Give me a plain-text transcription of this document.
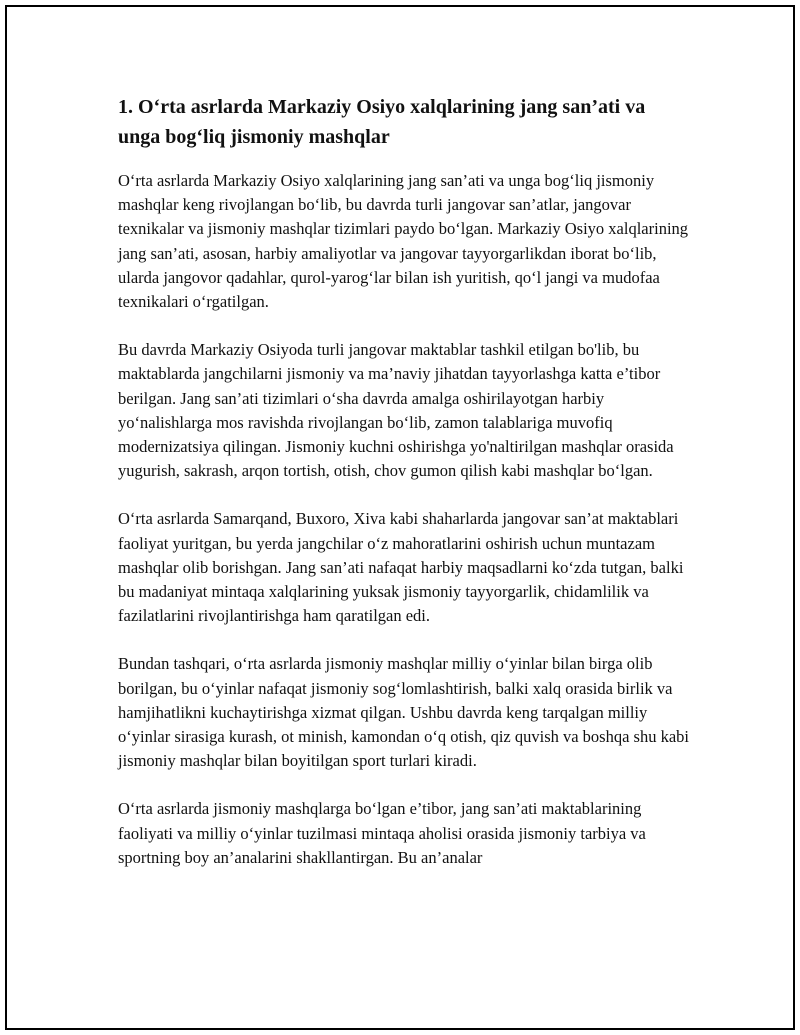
1. O‘rta asrlarda Markaziy Osiyo xalqlarining jang san’ati va unga bog‘liq jismoniy mashqlar

O‘rta asrlarda Markaziy Osiyo xalqlarining jang san’ati va unga bog‘liq jismoniy mashqlar keng rivojlangan bo‘lib, bu davrda turli jangovar san’atlar, jangovar texnikalar va jismoniy mashqlar tizimlari paydo bo‘lgan. Markaziy Osiyo xalqlarining jang san’ati, asosan, harbiy amaliyotlar va jangovar tayyorgarlikdan iborat bo‘lib, ularda jangovor qadahlar, qurol-yarog‘lar bilan ish yuritish, qo‘l jangi va mudofaa texnikalari o‘rgatilgan.

Bu davrda Markaziy Osiyoda turli jangovar maktablar tashkil etilgan bo'lib, bu maktablarda jangchilarni jismoniy va ma’naviy jihatdan tayyorlashga katta e’tibor berilgan. Jang san’ati tizimlari o‘sha davrda amalga oshirilayotgan harbiy yo‘nalishlarga mos ravishda rivojlangan bo‘lib, zamon talablariga muvofiq modernizatsiya qilingan. Jismoniy kuchni oshirishga yo'naltirilgan mashqlar orasida yugurish, sakrash, arqon tortish, otish, chov gumon qilish kabi mashqlar bo‘lgan.

O‘rta asrlarda Samarqand, Buxoro, Xiva kabi shaharlarda jangovar san’at maktablari faoliyat yuritgan, bu yerda jangchilar o‘z mahoratlarini oshirish uchun muntazam mashqlar olib borishgan. Jang san’ati nafaqat harbiy maqsadlarni ko‘zda tutgan, balki bu madaniyat mintaqa xalqlarining yuksak jismoniy tayyorgarlik, chidamlilik va fazilatlarini rivojlantirishga ham qaratilgan edi.

Bundan tashqari, o‘rta asrlarda jismoniy mashqlar milliy o‘yinlar bilan birga olib borilgan, bu o‘yinlar nafaqat jismoniy sog‘lomlashtirish, balki xalq orasida birlik va hamjihatlikni kuchaytirishga xizmat qilgan. Ushbu davrda keng tarqalgan milliy o‘yinlar sirasiga kurash, ot minish, kamondan o‘q otish, qiz quvish va boshqa shu kabi jismoniy mashqlar bilan boyitilgan sport turlari kiradi.

O‘rta asrlarda jismoniy mashqlarga bo‘lgan e’tibor, jang san’ati maktablarining faoliyati va milliy o‘yinlar tuzilmasi mintaqa aholisi orasida jismoniy tarbiya va sportning boy an’analarini shakllantirgan. Bu an’analar
